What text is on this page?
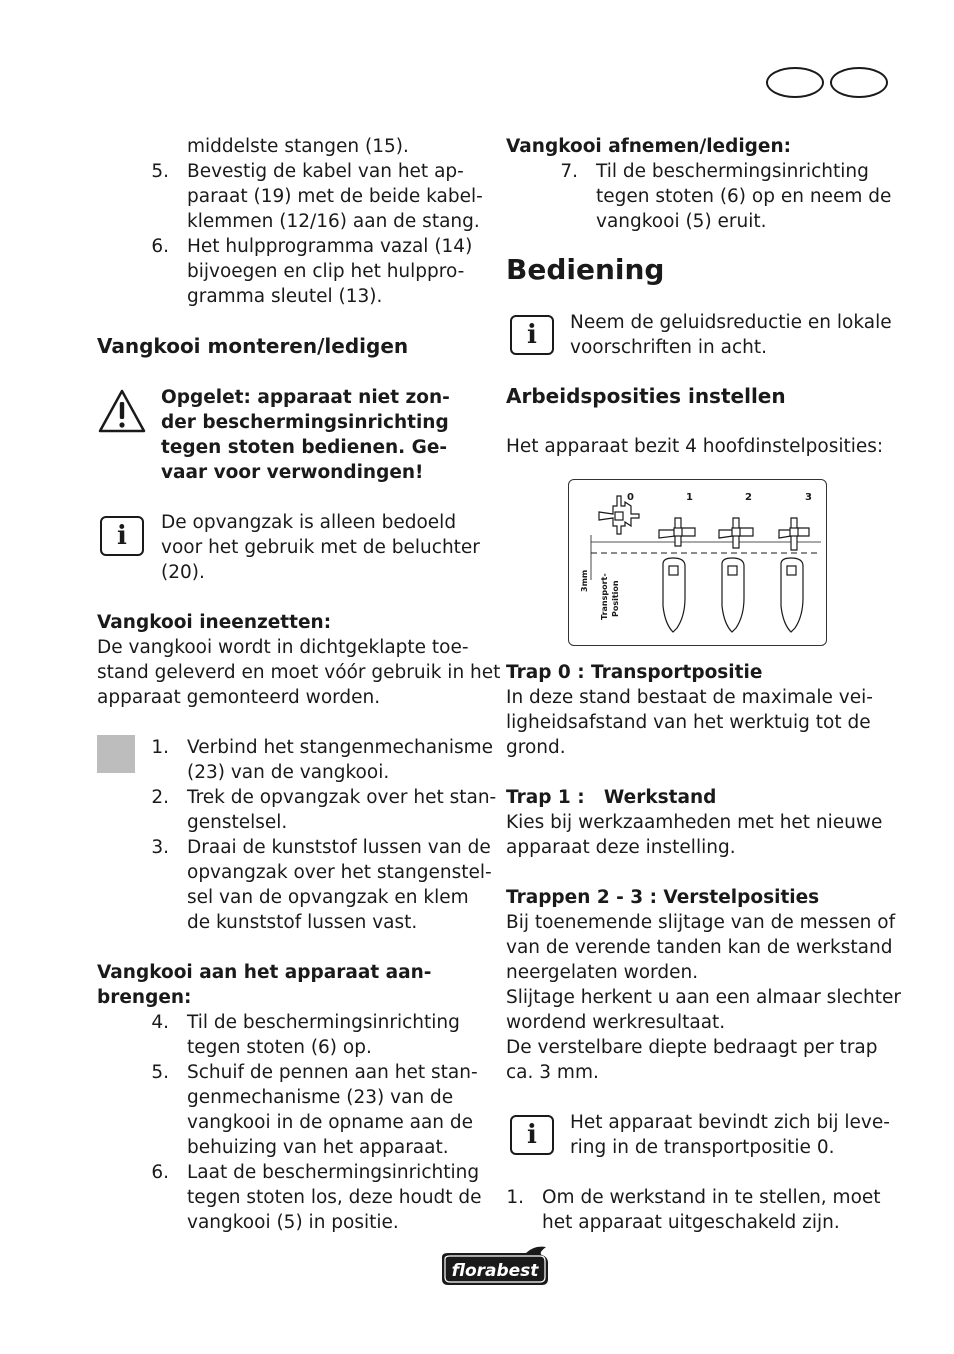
middelste stangen (15).
5. Bevestig de kabel van het ap-
paraat (19) met de beide kabel-
klemmen (12/16) aan de stang.
6. Het hulpprogramma vazal (14)
bijvoegen en clip het hulppro-
gramma sleutel (13).
Vangkooi monteren/ledigen
Opgelet: apparaat niet zon-
der beschermingsinrichting
tegen stoten bedienen. Ge-
vaar voor verwondingen!
i	De opvangzak is alleen bedoeld
voor het gebruik met de beluchter
(20).
Vangkooi ineenzetten:
De vangkooi wordt in dichtgeklapte toe-
stand geleverd en moet vóór gebruik in het
apparaat gemonteerd worden.
1. Verbind het stangenmechanisme
(23) van de vangkooi.
2. Trek de opvangzak over het stan-
genstelsel.
3. Draai de kunststof lussen van de
opvangzak over het stangenstel-
sel van de opvangzak en klem
de kunststof lussen vast.
Vangkooi aan het apparaat aan-
brengen:
4. Til de beschermingsinrichting
tegen stoten (6) op.
5. Schuif de pennen aan het stan-
genmechanisme (23) van de
vangkooi in de opname aan de
behuizing van het apparaat.
6. Laat de beschermingsinrichting
tegen stoten los, deze houdt de
vangkooi (5) in positie.
Vangkooi afnemen/ledigen:
7. Til de beschermingsinrichting
tegen stoten (6) op en neem de
vangkooi (5) eruit.
Bediening
i	Neem de geluidsreductie en lokale
voorschriften in acht.
Arbeidsposities instellen
Het apparaat bezit 4 hoofdinstelposities:
0	1	2	3
3mm Transport- Position
Trap 0 : Transportpositie
In deze stand bestaat de maximale vei-
ligheidsafstand van het werktuig tot de
grond.
Trap 1 :   Werkstand
Kies bij werkzaamheden met het nieuwe
apparaat deze instelling.
Trappen 2 - 3 : Verstelposities
Bij toenemende slijtage van de messen of
van de verende tanden kan de werkstand
neergelaten worden.
Slijtage herkent u aan een almaar slechter
wordend werkresultaat.
De verstelbare diepte bedraagt per trap
ca. 3 mm.
i	Het apparaat bevindt zich bij leve-
ring in de transportpositie 0.
1. Om de werkstand in te stellen, moet
het apparaat uitgeschakeld zijn.
florabest
